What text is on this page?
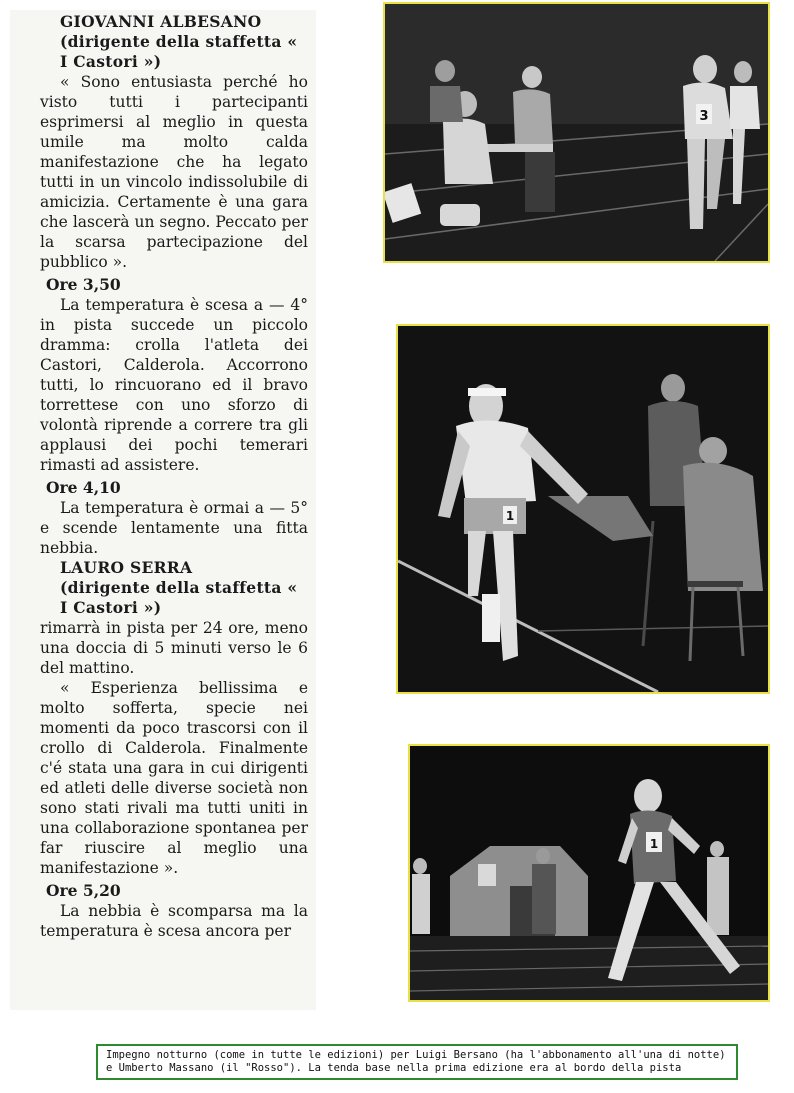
GIOVANNI ALBESANO
(dirigente della staffetta « I Castori »)

« Sono entusiasta perché ho visto tutti i partecipanti esprimersi al meglio in questa umile ma molto calda manifestazione che ha legato tutti in un vincolo indissolubile di amicizia. Certamente è una gara che lascerà un segno. Peccato per la scarsa partecipazione del pubblico ».

Ore 3,50

La temperatura è scesa a — 4° in pista succede un piccolo dramma: crolla l'atleta dei Castori, Calderola. Accorrono tutti, lo rincuorano ed il bravo torrettese con uno sforzo di volontà riprende a correre tra gli applausi dei pochi temerari rimasti ad assistere.

Ore 4,10

La temperatura è ormai a — 5° e scende lentamente una fitta nebbia.

LAURO SERRA
(dirigente della staffetta « I Castori »)

rimarrà in pista per 24 ore, meno una doccia di 5 minuti verso le 6 del mattino.

« Esperienza bellissima e molto sofferta, specie nei momenti da poco trascorsi con il crollo di Calderola. Finalmente c'é stata una gara in cui dirigenti ed atleti delle diverse società non sono stati rivali ma tutti uniti in una collaborazione spontanea per far riuscire al meglio una manifestazione ».

Ore 5,20

La nebbia è scomparsa ma la temperatura è scesa ancora per

3
1
1
Impegno notturno (come in tutte le edizioni) per Luigi Bersano (ha l'abbonamento all'una di notte) e Umberto Massano (il "Rosso"). La tenda base nella prima edizione era al bordo della pista
